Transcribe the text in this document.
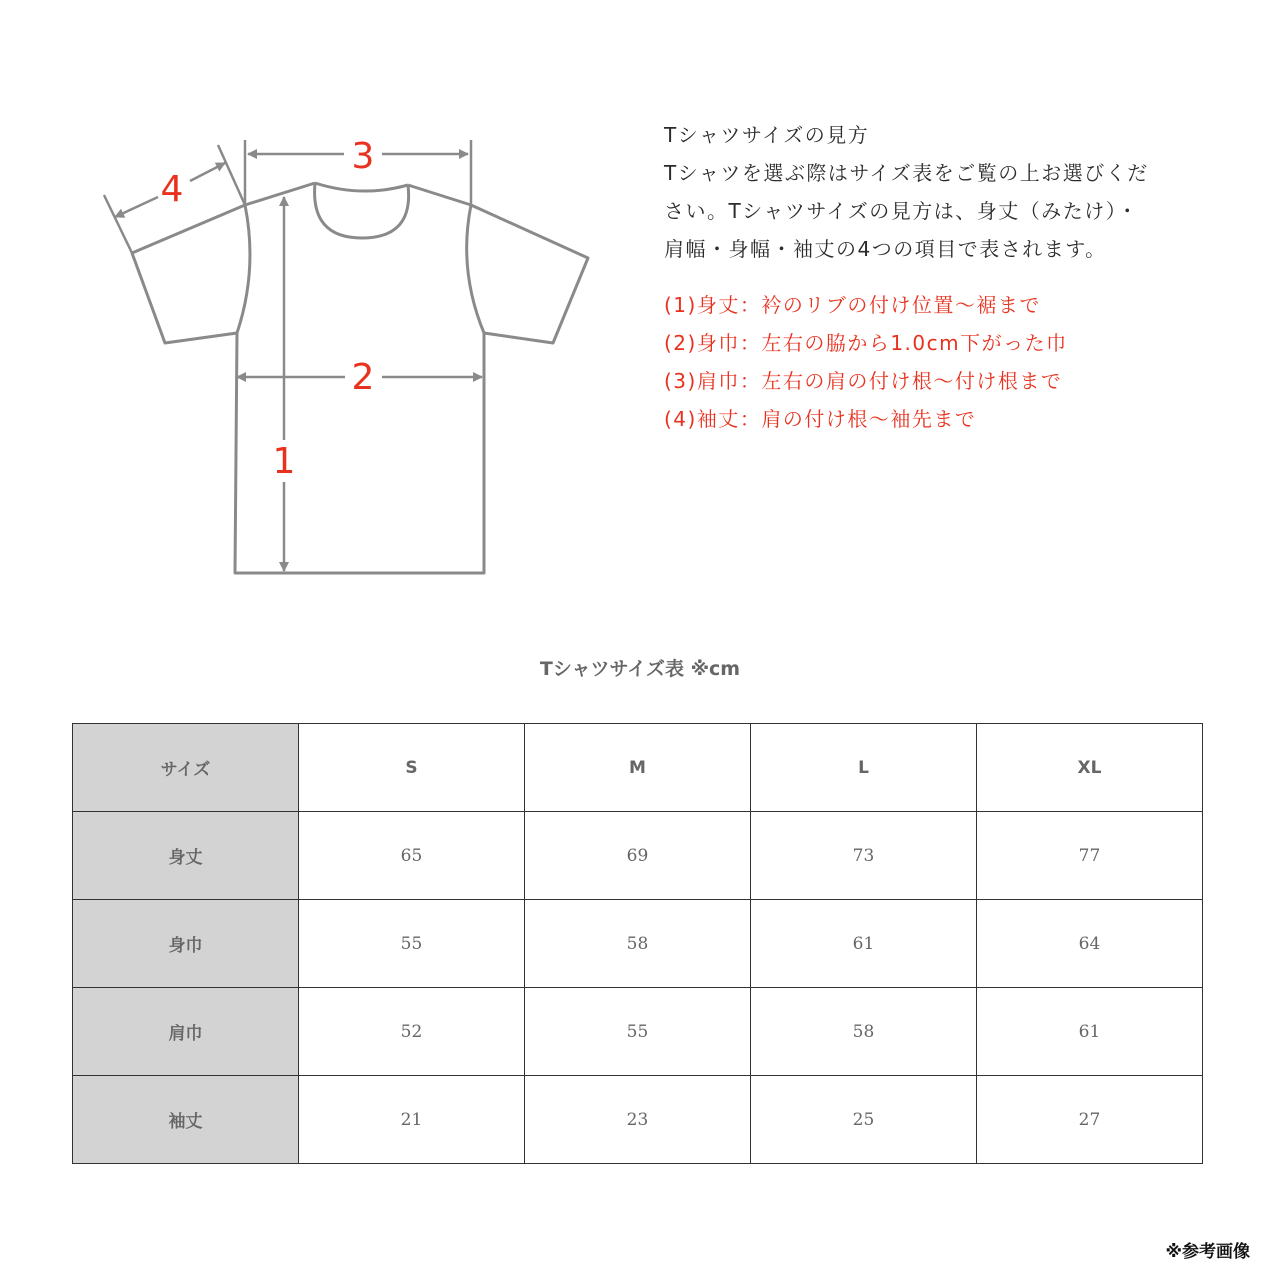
1
2
3
4
Tシャツサイズの見方
Tシャツを選ぶ際はサイズ表をご覧の上お選びくだ
さい。Tシャツサイズの見方は、身丈（みたけ）・
肩幅・身幅・袖丈の4つの項目で表されます。
(1)身丈：衿のリブの付け位置〜裾まで
(2)身巾：左右の脇から1.0cm下がった巾
(3)肩巾：左右の肩の付け根〜付け根まで
(4)袖丈：肩の付け根〜袖先まで
Tシャツサイズ表 ※cm
サイズ	S	M	L	XL
身丈	65	69	73	77
身巾	55	58	61	64
肩巾	52	55	58	61
袖丈	21	23	25	27
※参考画像
